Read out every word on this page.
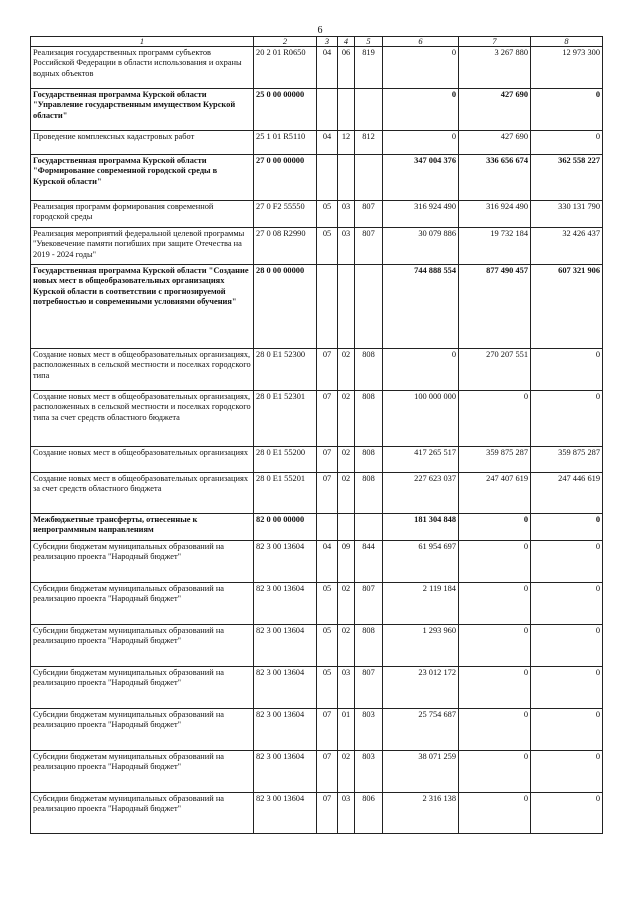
6
1	2	3	4	5	6	7	8
Реализация государственных программ субъектов Российской Федерации в области использования и охраны водных объектов	20 2 01 R0650	04	06	819	0	3 267 880	12 973 300
Государственная программа Курской области "Управление государственным имуществом Курской области"	25 0 00 00000				0	427 690	0
Проведение комплексных кадастровых работ	25 1 01 R5110	04	12	812	0	427 690	0
Государственная программа Курской области "Формирование современной городской среды в Курской области"	27 0 00 00000				347 004 376	336 656 674	362 558 227
Реализация программ формирования современной городской среды	27 0 F2 55550	05	03	807	316 924 490	316 924 490	330 131 790
Реализация мероприятий федеральной целевой программы "Увековечение памяти погибших при защите Отечества на 2019 - 2024 годы"	27 0 08 R2990	05	03	807	30 079 886	19 732 184	32 426 437
Государственная программа Курской области "Создание новых мест в общеобразовательных организациях Курской области в соответствии с прогнозируемой потребностью и современными условиями обучения"	28 0 00 00000				744 888 554	877 490 457	607 321 906
Создание новых мест в общеобразовательных организациях, расположенных в сельской местности и поселках городского типа	28 0 E1 52300	07	02	808	0	270 207 551	0
Создание новых мест в общеобразовательных организациях, расположенных в сельской местности и поселках городского типа за счет средств областного бюджета	28 0 E1 52301	07	02	808	100 000 000	0	0
Создание новых мест в общеобразовательных организациях	28 0 E1 55200	07	02	808	417 265 517	359 875 287	359 875 287
Создание новых мест в общеобразовательных организациях за счет средств областного бюджета	28 0 E1 55201	07	02	808	227 623 037	247 407 619	247 446 619
Межбюджетные трансферты, отнесенные к непрограммным направлениям	82 0 00 00000				181 304 848	0	0
Субсидии бюджетам муниципальных образований на реализацию проекта "Народный бюджет"	82 3 00 13604	04	09	844	61 954 697	0	0
Субсидии бюджетам муниципальных образований на реализацию проекта "Народный бюджет"	82 3 00 13604	05	02	807	2 119 184	0	0
Субсидии бюджетам муниципальных образований на реализацию проекта "Народный бюджет"	82 3 00 13604	05	02	808	1 293 960	0	0
Субсидии бюджетам муниципальных образований на реализацию проекта "Народный бюджет"	82 3 00 13604	05	03	807	23 012 172	0	0
Субсидии бюджетам муниципальных образований на реализацию проекта "Народный бюджет"	82 3 00 13604	07	01	803	25 754 687	0	0
Субсидии бюджетам муниципальных образований на реализацию проекта "Народный бюджет"	82 3 00 13604	07	02	803	38 071 259	0	0
Субсидии бюджетам муниципальных образований на реализацию проекта "Народный бюджет"	82 3 00 13604	07	03	806	2 316 138	0	0
